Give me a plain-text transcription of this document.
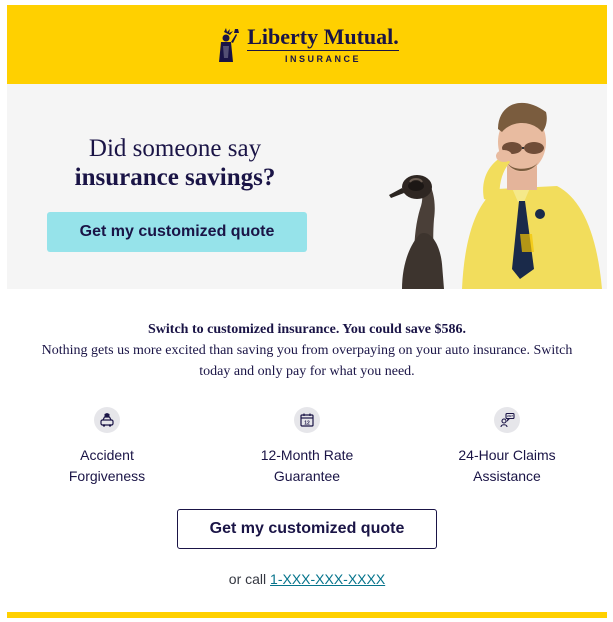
Liberty Mutual.
INSURANCE
Did someone say
insurance savings?
Get my customized quote
Switch to customized insurance. You could save $586.
Nothing gets us more excited than saving you from overpaying on your auto insurance. Switch today and only pay for what you need.
Accident Forgiveness
12
12-Month Rate Guarantee
24/7
24-Hour Claims Assistance
Get my customized quote
or call 1-XXX-XXX-XXXX
